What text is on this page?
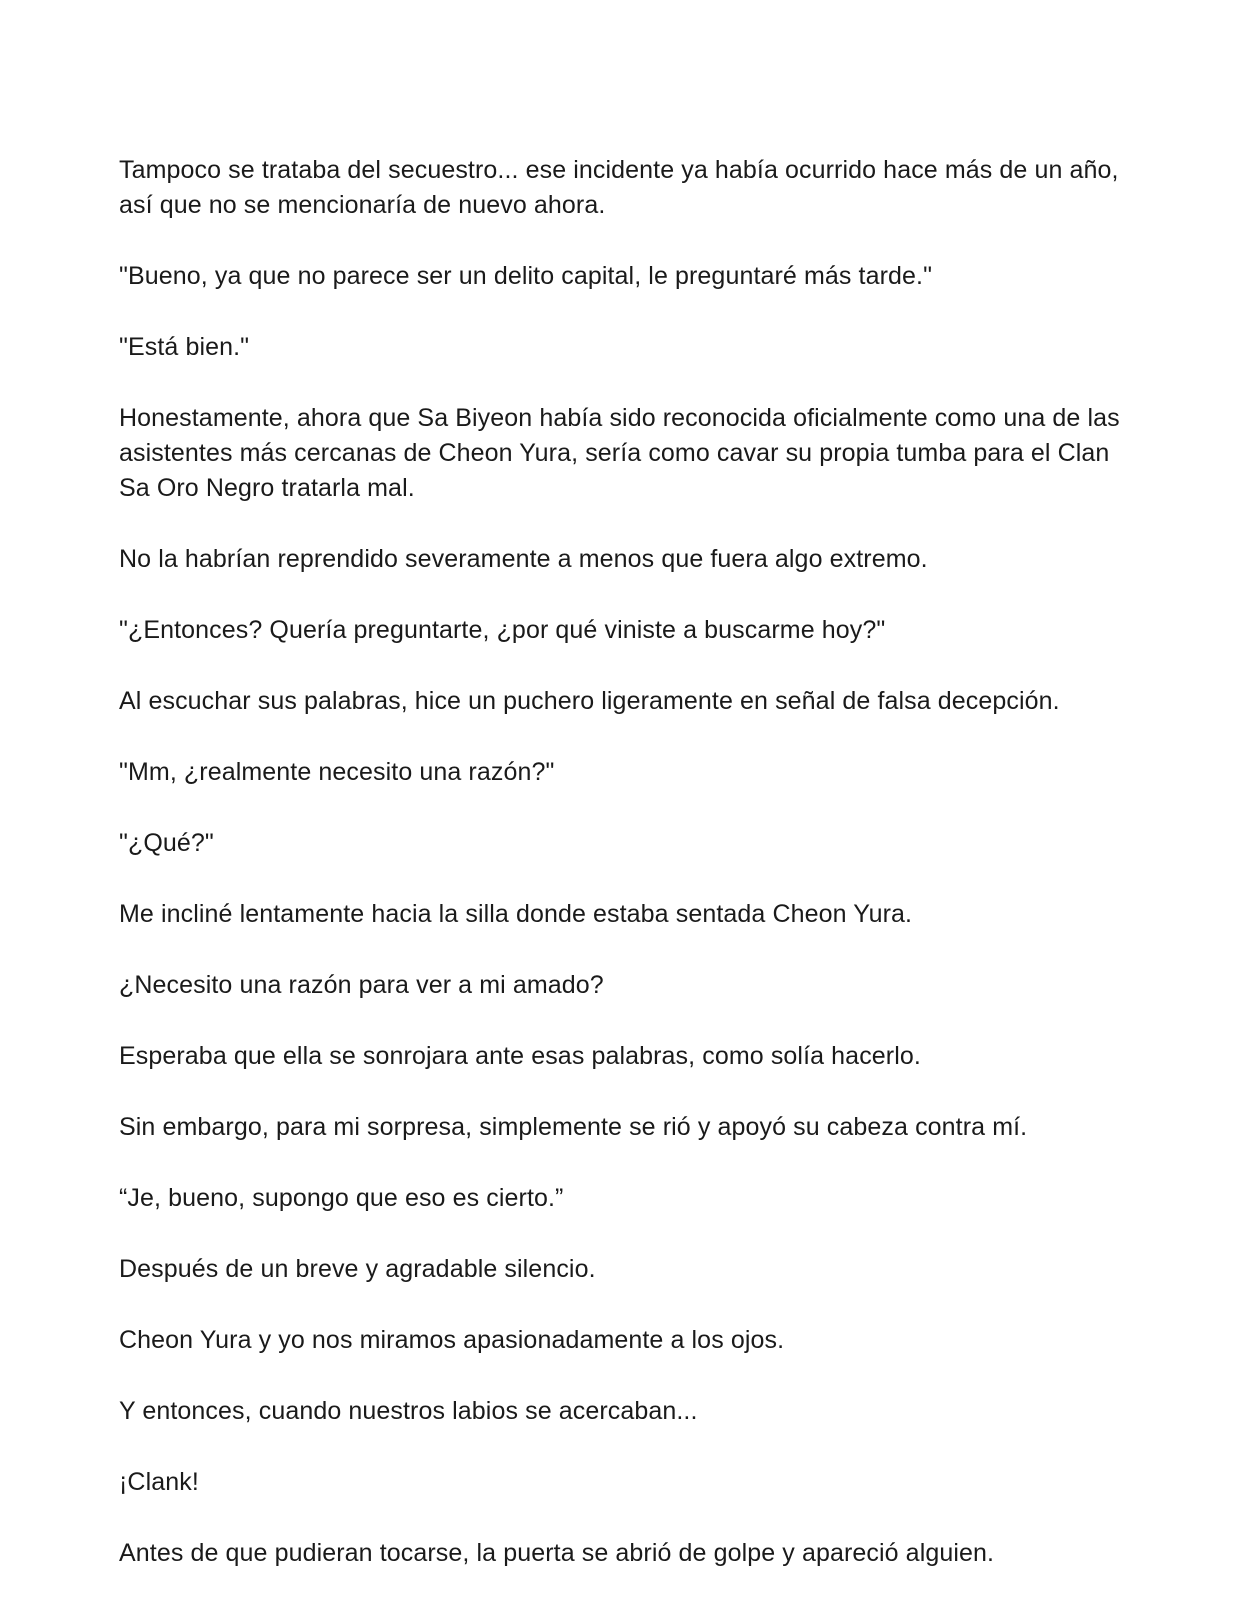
Tampoco se trataba del secuestro... ese incidente ya había ocurrido hace más de un año, así que no se mencionaría de nuevo ahora.

"Bueno, ya que no parece ser un delito capital, le preguntaré más tarde."

"Está bien."

Honestamente, ahora que Sa Biyeon había sido reconocida oficialmente como una de las asistentes más cercanas de Cheon Yura, sería como cavar su propia tumba para el Clan Sa Oro Negro tratarla mal.

No la habrían reprendido severamente a menos que fuera algo extremo.

"¿Entonces? Quería preguntarte, ¿por qué viniste a buscarme hoy?"

Al escuchar sus palabras, hice un puchero ligeramente en señal de falsa decepción.

"Mm, ¿realmente necesito una razón?"

"¿Qué?"

Me incliné lentamente hacia la silla donde estaba sentada Cheon Yura.

¿Necesito una razón para ver a mi amado?

Esperaba que ella se sonrojara ante esas palabras, como solía hacerlo.

Sin embargo, para mi sorpresa, simplemente se rió y apoyó su cabeza contra mí.

“Je, bueno, supongo que eso es cierto.”

Después de un breve y agradable silencio.

Cheon Yura y yo nos miramos apasionadamente a los ojos.

Y entonces, cuando nuestros labios se acercaban...

¡Clank!

Antes de que pudieran tocarse, la puerta se abrió de golpe y apareció alguien.
